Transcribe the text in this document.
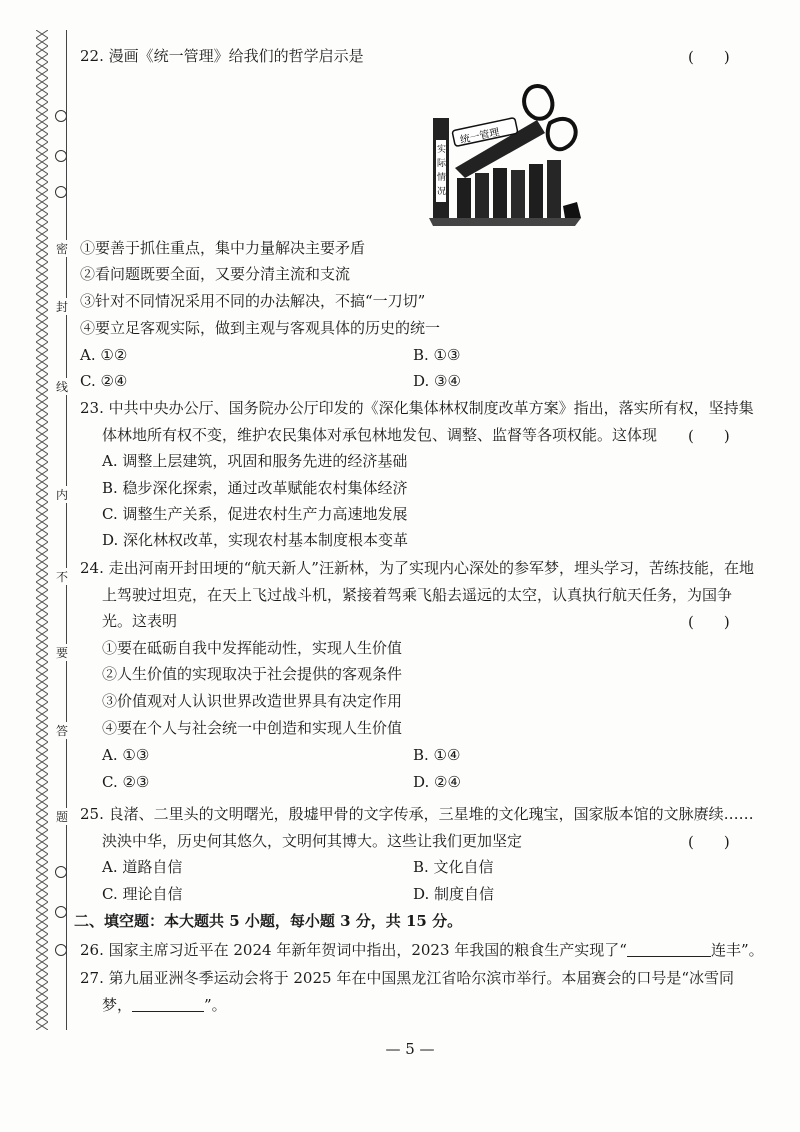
密
封
线
内
不
要
答
题
22. 漫画《统一管理》给我们的哲学启示是	(　　)
统一管理
实 际 情 况
①要善于抓住重点，集中力量解决主要矛盾
②看问题既要全面，又要分清主流和支流
③针对不同情况采用不同的办法解决，不搞“一刀切”
④要立足客观实际，做到主观与客观具体的历史的统一
A. ①②	B. ①③
C. ②④	D. ③④
23. 中共中央办公厅、国务院办公厅印发的《深化集体林权制度改革方案》指出，落实所有权，坚持集
体林地所有权不变，维护农民集体对承包林地发包、调整、监督等各项权能。这体现 (　　)
A. 调整上层建筑，巩固和服务先进的经济基础
B. 稳步深化探索，通过改革赋能农村集体经济
C. 调整生产关系，促进农村生产力高速地发展
D. 深化林权改革，实现农村基本制度根本变革
24. 走出河南开封田埂的“航天新人”汪新林，为了实现内心深处的参军梦，埋头学习，苦练技能，在地
上驾驶过坦克，在天上飞过战斗机，紧接着驾乘飞船去遥远的太空，认真执行航天任务，为国争
光。这表明	(　　)
①要在砥砺自我中发挥能动性，实现人生价值
②人生价值的实现取决于社会提供的客观条件
③价值观对人认识世界改造世界具有决定作用
④要在个人与社会统一中创造和实现人生价值
A. ①③	B. ①④
C. ②③	D. ②④
25. 良渚、二里头的文明曙光，殷墟甲骨的文字传承，三星堆的文化瑰宝，国家版本馆的文脉赓续……
泱泱中华，历史何其悠久，文明何其博大。这些让我们更加坚定	(　　)
A. 道路自信	B. 文化自信
C. 理论自信	D. 制度自信
二、填空题：本大题共 5 小题，每小题 3 分，共 15 分。
26. 国家主席习近平在 2024 年新年贺词中指出，2023 年我国的粮食生产实现了“	连丰”。
27. 第九届亚洲冬季运动会将于 2025 年在中国黑龙江省哈尔滨市举行。本届赛会的口号是“冰雪同
梦，	”。
— 5 —
